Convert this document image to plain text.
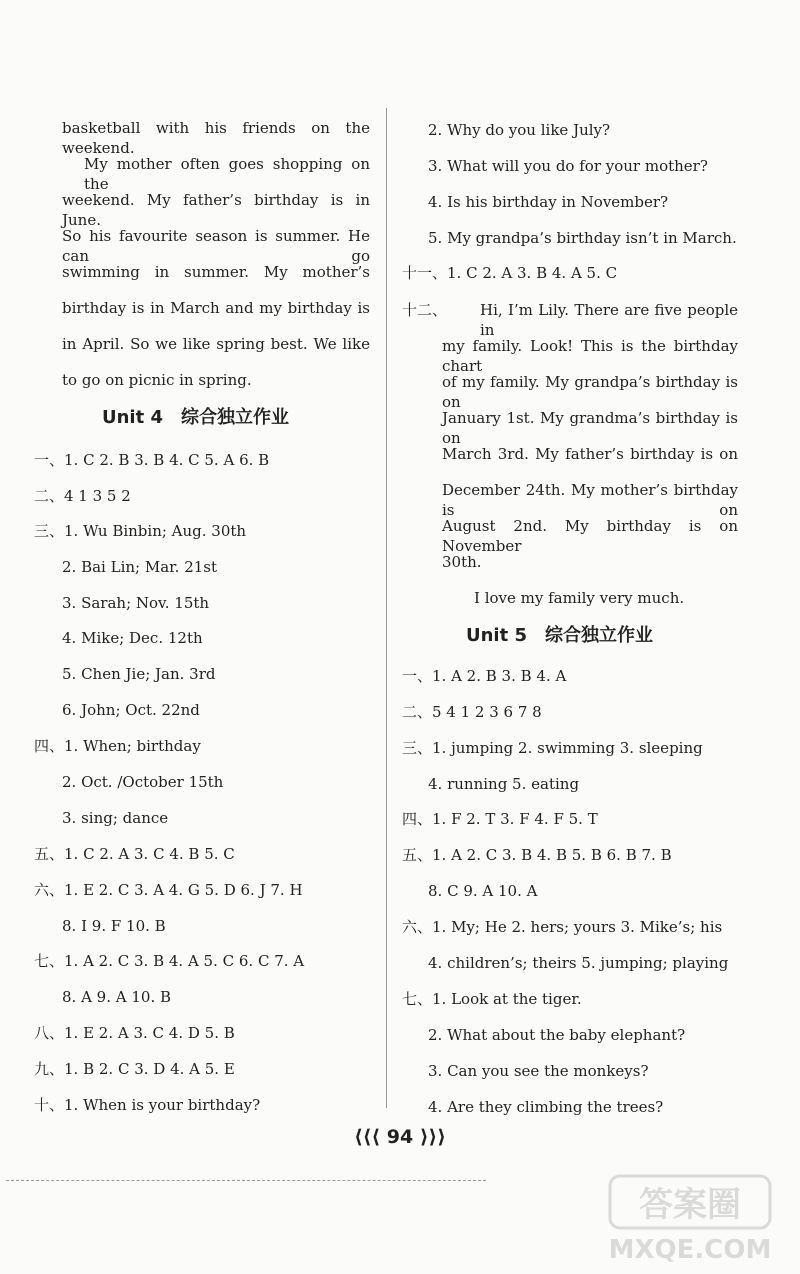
basketball with his friends on the weekend.
My mother often goes shopping on the
weekend. My father’s birthday is in June.
So his favourite season is summer. He can go
swimming in summer. My mother’s
birthday is in March and my birthday is
in April. So we like spring best. We like
to go on picnic in spring.
Unit 4 综合独立作业
一、1. C 2. B 3. B 4. C 5. A 6. B
二、4 1 3 5 2
三、1. Wu Binbin; Aug. 30th
2. Bai Lin; Mar. 21st
3. Sarah; Nov. 15th
4. Mike; Dec. 12th
5. Chen Jie; Jan. 3rd
6. John; Oct. 22nd
四、1. When; birthday
2. Oct. /October 15th
3. sing; dance
五、1. C 2. A 3. C 4. B 5. C
六、1. E 2. C 3. A 4. G 5. D 6. J 7. H
8. I 9. F 10. B
七、1. A 2. C 3. B 4. A 5. C 6. C 7. A
8. A 9. A 10. B
八、1. E 2. A 3. C 4. D 5. B
九、1. B 2. C 3. D 4. A 5. E
十、1. When is your birthday?
2. Why do you like July?
3. What will you do for your mother?
4. Is his birthday in November?
5. My grandpa’s birthday isn’t in March.
十一、1. C 2. A 3. B 4. A 5. C
十二、 Hi, I’m Lily. There are five people in
my family. Look! This is the birthday chart
of my family. My grandpa’s birthday is on
January 1st. My grandma’s birthday is on
March 3rd. My father’s birthday is on
December 24th. My mother’s birthday is on
August 2nd. My birthday is on November
30th.
I love my family very much.
Unit 5 综合独立作业
一、1. A 2. B 3. B 4. A
二、5 4 1 2 3 6 7 8
三、1. jumping 2. swimming 3. sleeping
4. running 5. eating
四、1. F 2. T 3. F 4. F 5. T
五、1. A 2. C 3. B 4. B 5. B 6. B 7. B
8. C 9. A 10. A
六、1. My; He 2. hers; yours 3. Mike’s; his
4. children’s; theirs 5. jumping; playing
七、1. Look at the tiger.
2. What about the baby elephant?
3. Can you see the monkeys?
4. Are they climbing the trees?
⟨⟨⟨ 94 ⟩⟩⟩
答案圈
MXQE.COM
